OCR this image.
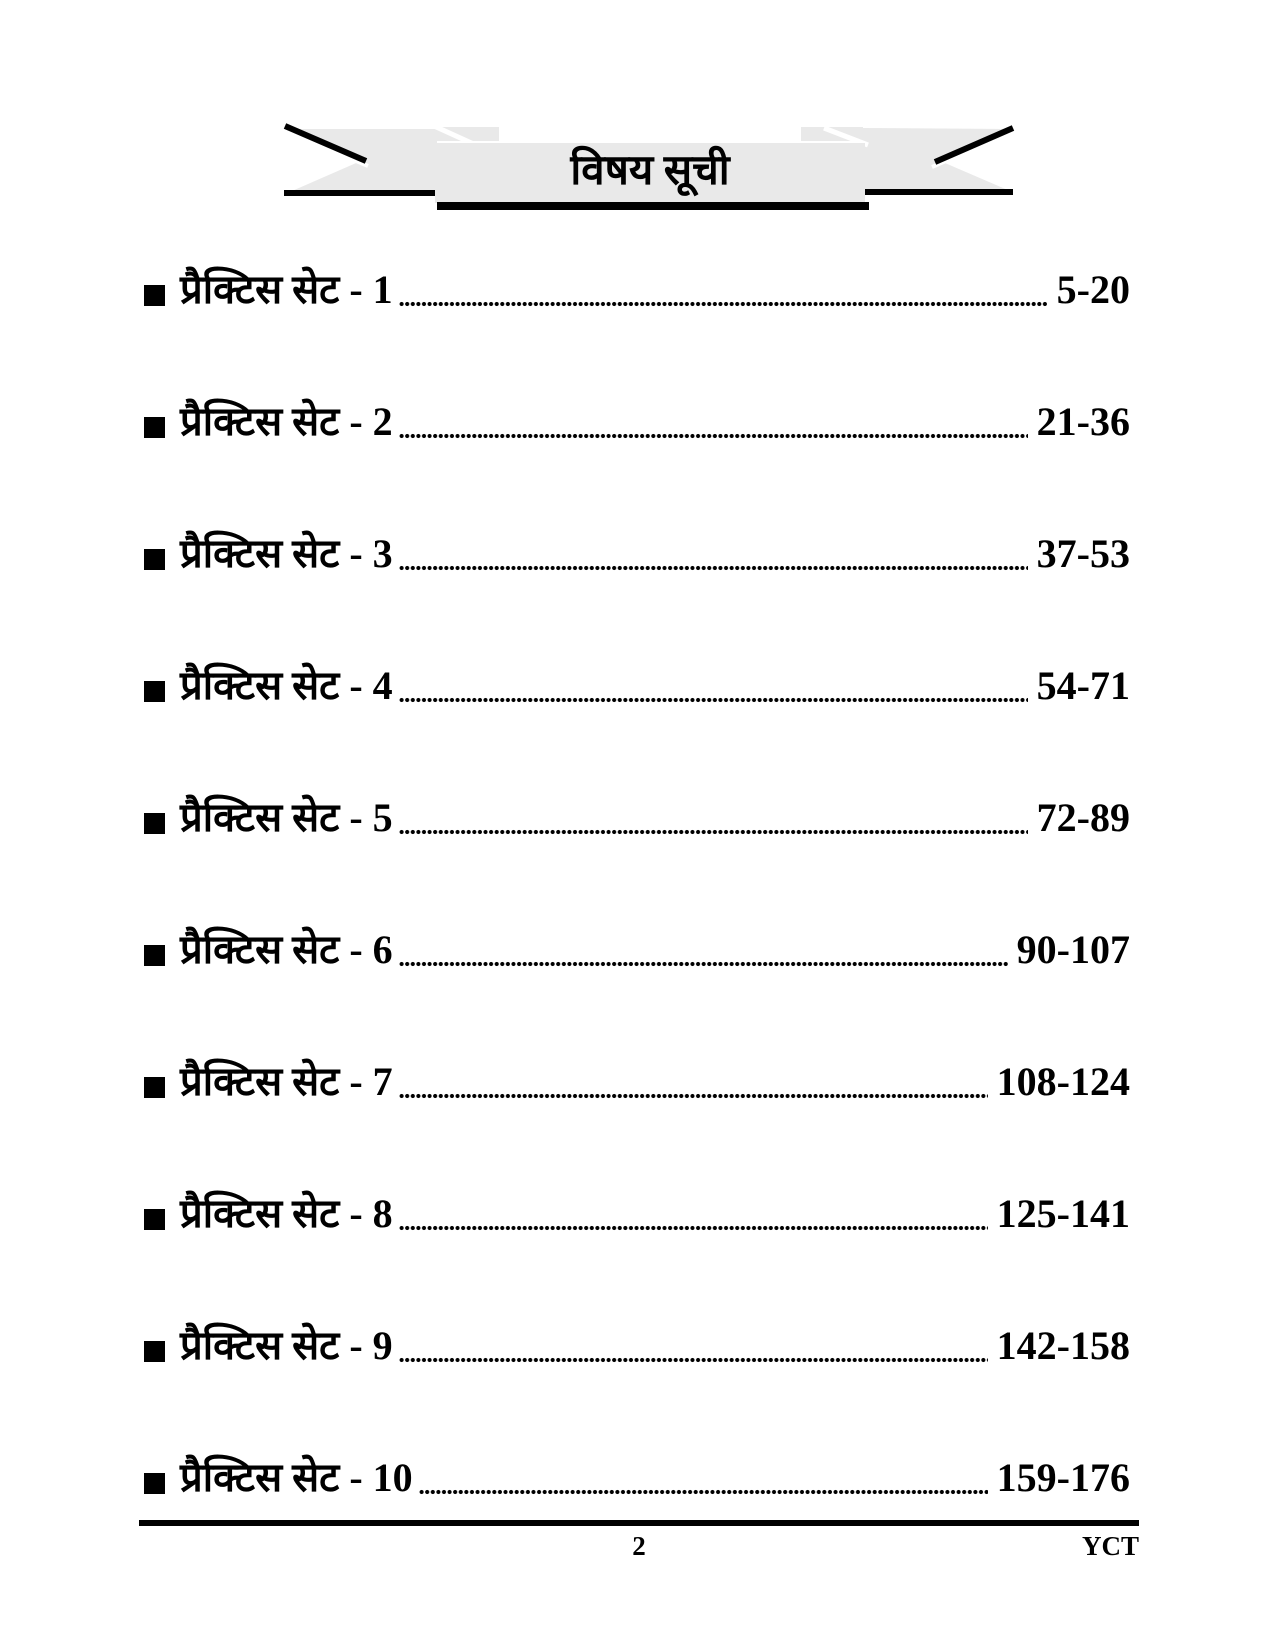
विषय सूची
प्रैक्टिस सेट - 1	5-20
प्रैक्टिस सेट - 2	21-36
प्रैक्टिस सेट - 3	37-53
प्रैक्टिस सेट - 4	54-71
प्रैक्टिस सेट - 5	72-89
प्रैक्टिस सेट - 6	90-107
प्रैक्टिस सेट - 7	108-124
प्रैक्टिस सेट - 8	125-141
प्रैक्टिस सेट - 9	142-158
प्रैक्टिस सेट - 10	159-176
2	YCT
